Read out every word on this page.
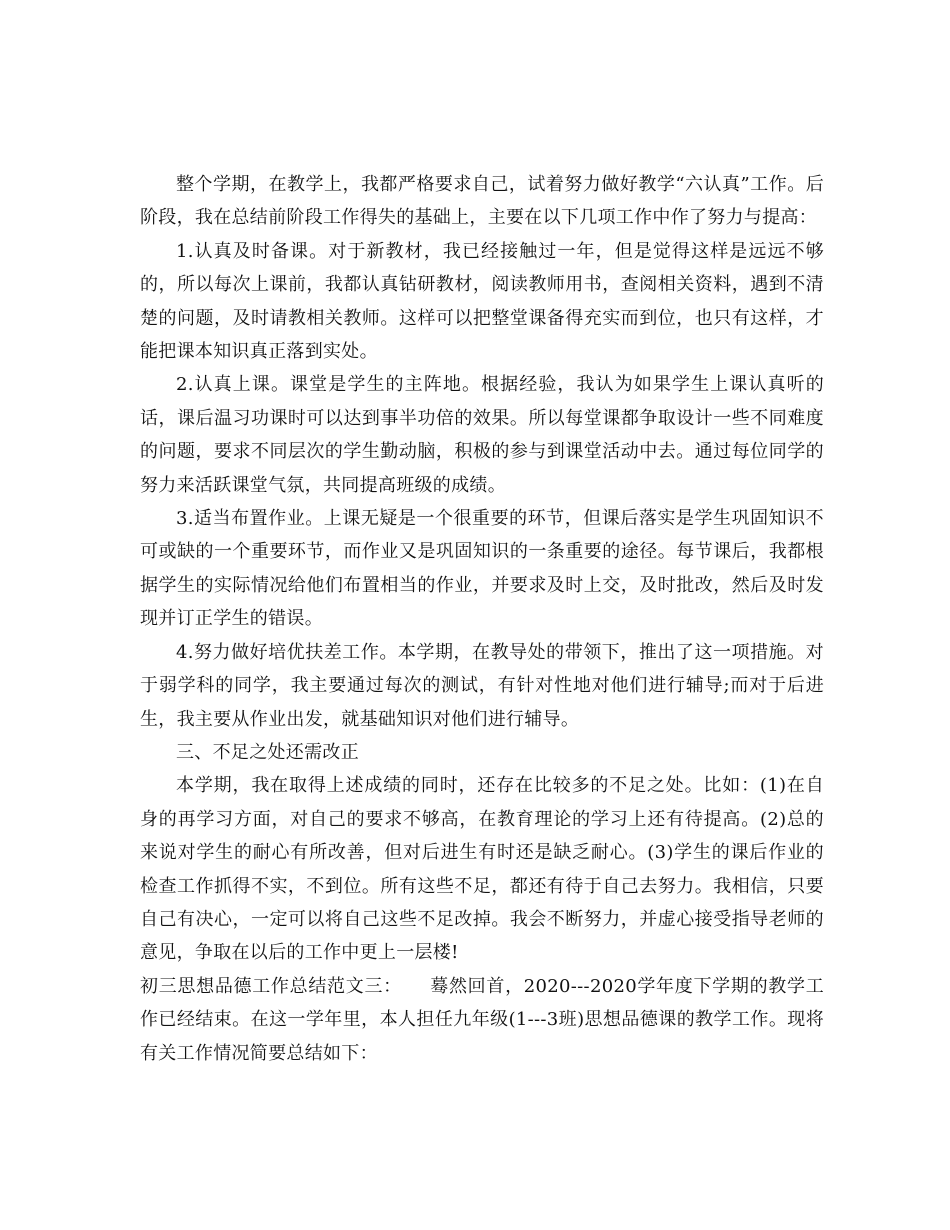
整个学期，在教学上，我都严格要求自己，试着努力做好教学“六认真”工作。后阶段，我在总结前阶段工作得失的基础上，主要在以下几项工作中作了努力与提高：

1.认真及时备课。对于新教材，我已经接触过一年，但是觉得这样是远远不够的，所以每次上课前，我都认真钻研教材，阅读教师用书，查阅相关资料，遇到不清楚的问题，及时请教相关教师。这样可以把整堂课备得充实而到位，也只有这样，才能把课本知识真正落到实处。

2.认真上课。课堂是学生的主阵地。根据经验，我认为如果学生上课认真听的话，课后温习功课时可以达到事半功倍的效果。所以每堂课都争取设计一些不同难度的问题，要求不同层次的学生勤动脑，积极的参与到课堂活动中去。通过每位同学的努力来活跃课堂气氛，共同提高班级的成绩。

3.适当布置作业。上课无疑是一个很重要的环节，但课后落实是学生巩固知识不可或缺的一个重要环节，而作业又是巩固知识的一条重要的途径。每节课后，我都根据学生的实际情况给他们布置相当的作业，并要求及时上交，及时批改，然后及时发现并订正学生的错误。

4.努力做好培优扶差工作。本学期，在教导处的带领下，推出了这一项措施。对于弱学科的同学，我主要通过每次的测试，有针对性地对他们进行辅导;而对于后进生，我主要从作业出发，就基础知识对他们进行辅导。

三、不足之处还需改正

本学期，我在取得上述成绩的同时，还存在比较多的不足之处。比如：(1)在自身的再学习方面，对自己的要求不够高，在教育理论的学习上还有待提高。(2)总的来说对学生的耐心有所改善，但对后进生有时还是缺乏耐心。(3)学生的课后作业的检查工作抓得不实，不到位。所有这些不足，都还有待于自己去努力。我相信，只要自己有决心，一定可以将自己这些不足改掉。我会不断努力，并虚心接受指导老师的意见，争取在以后的工作中更上一层楼!

初三思想品德工作总结范文三：　　蓦然回首，2020---2020学年度下学期的教学工作已经结束。在这一学年里，本人担任九年级(1---3班)思想品德课的教学工作。现将有关工作情况简要总结如下：
